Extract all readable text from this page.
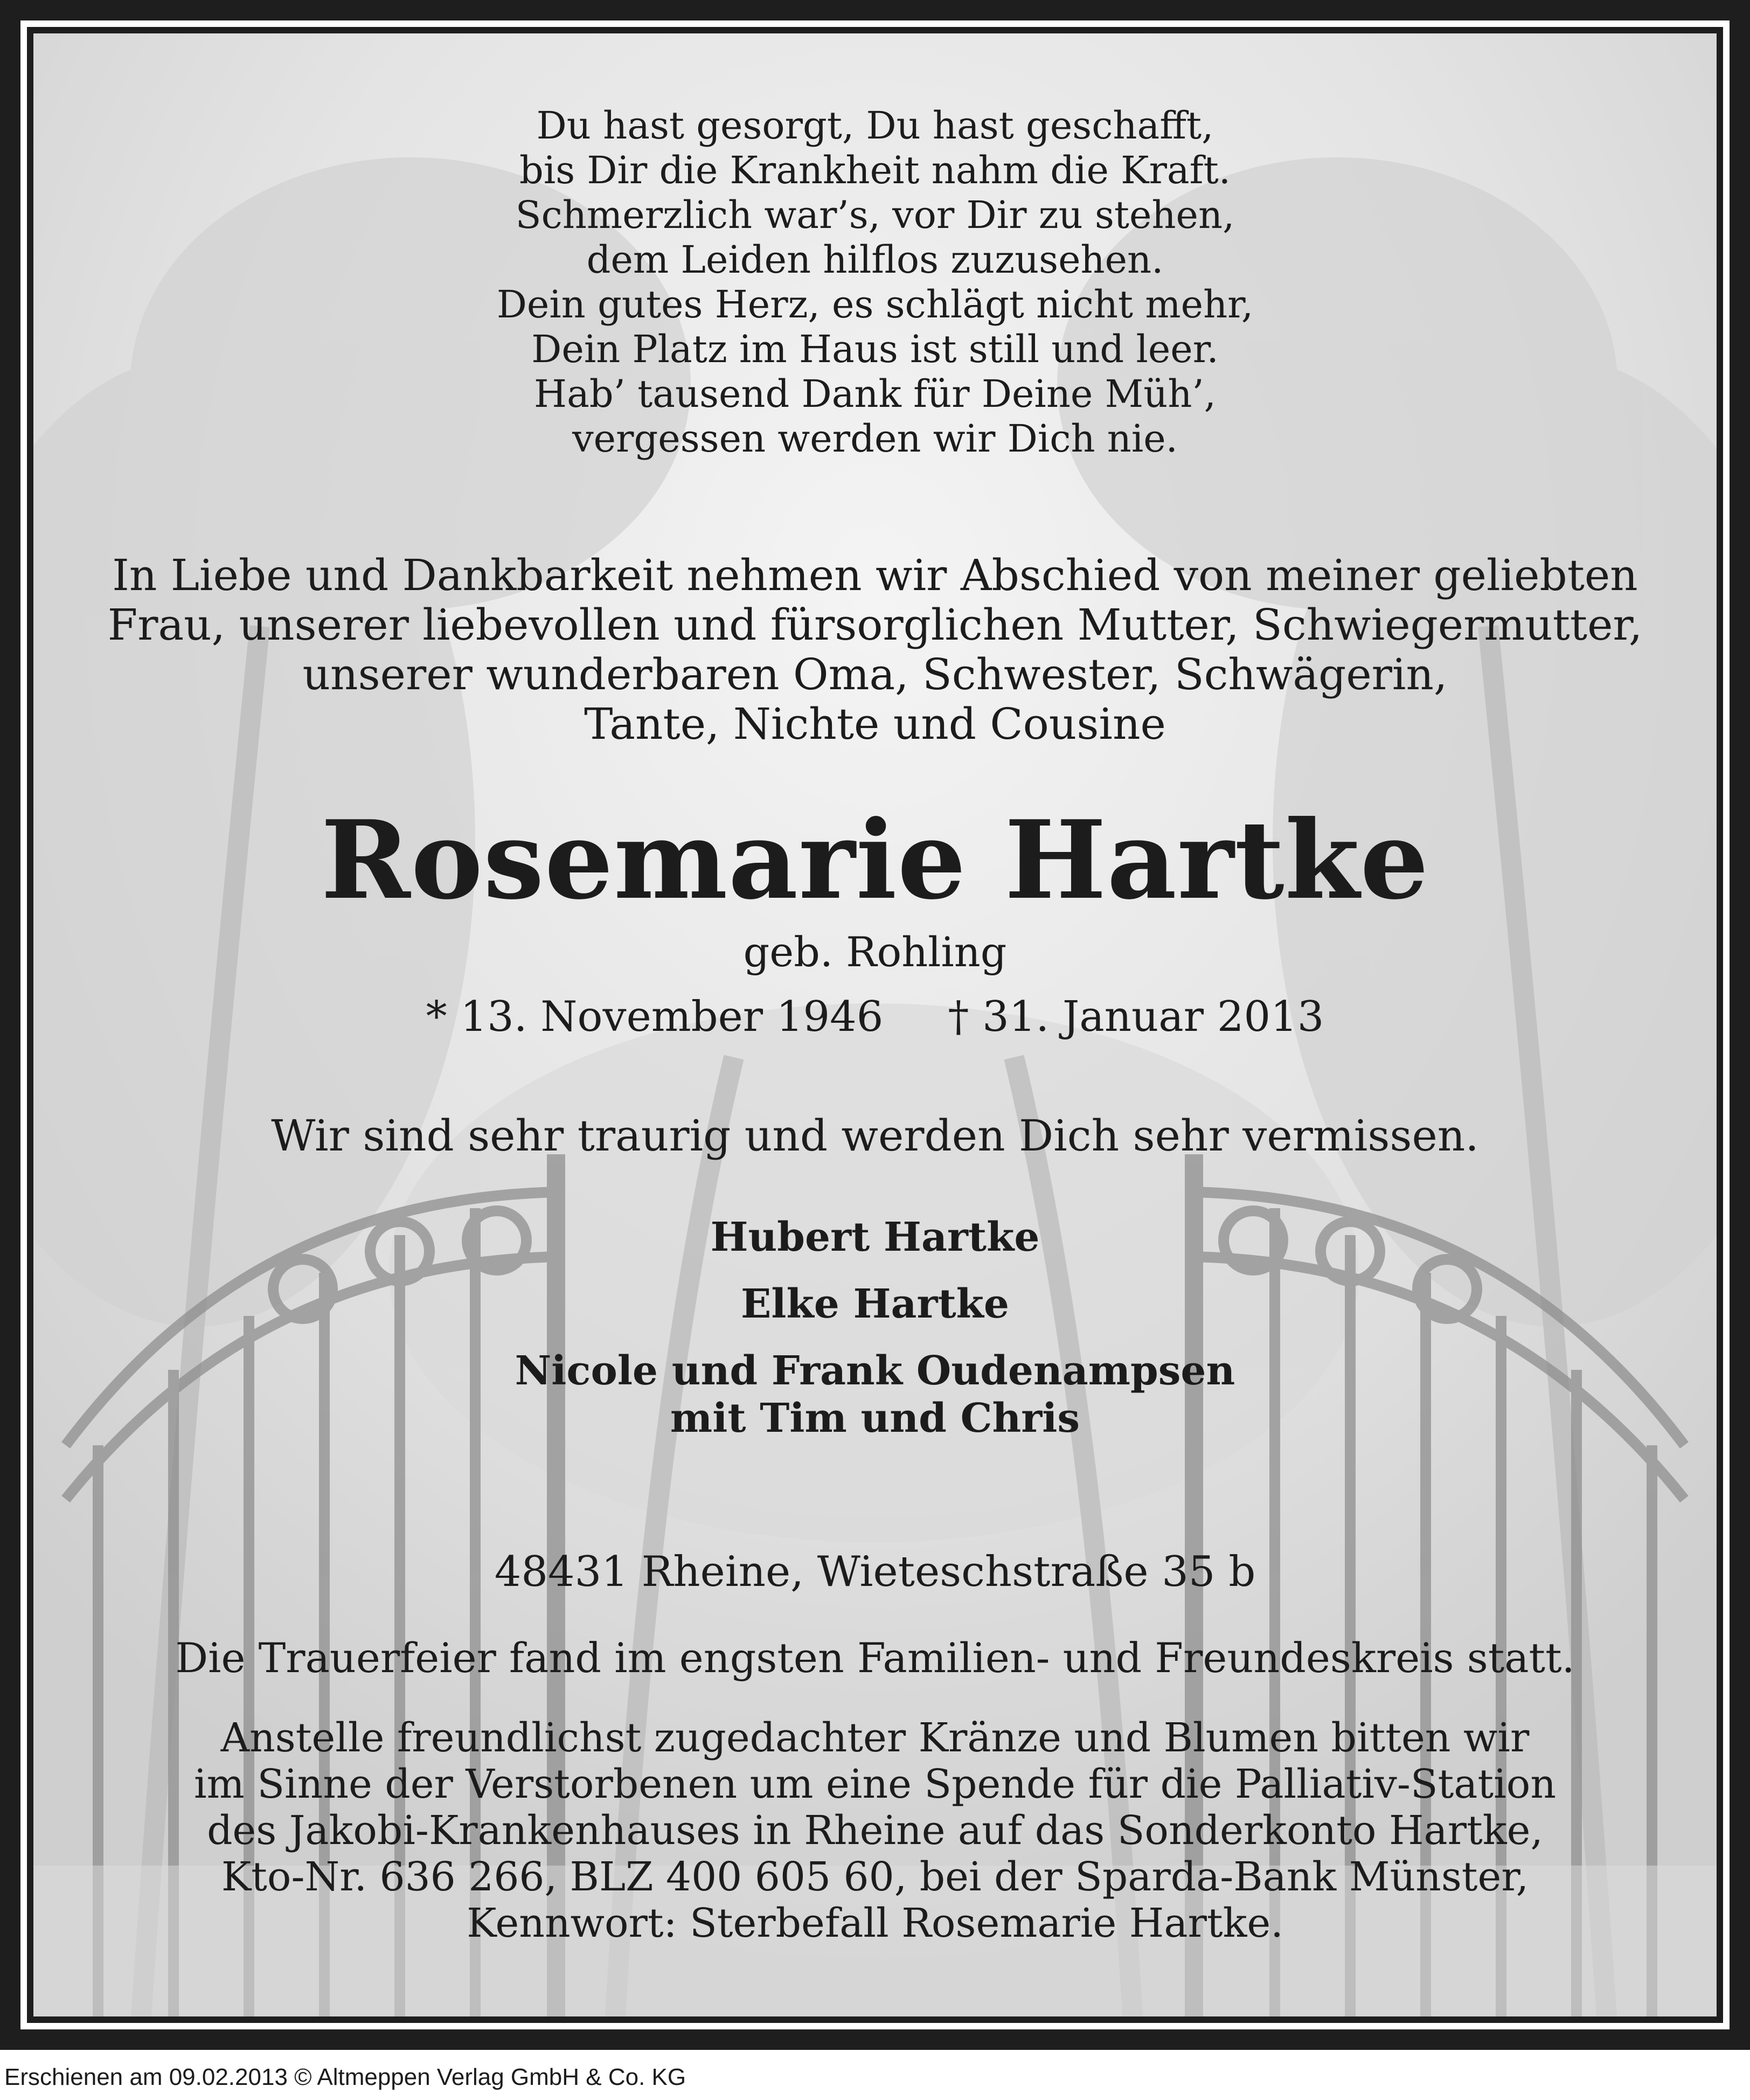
Du hast gesorgt, Du hast geschafft,
bis Dir die Krankheit nahm die Kraft.
Schmerzlich war’s, vor Dir zu stehen,
dem Leiden hilflos zuzusehen.
Dein gutes Herz, es schlägt nicht mehr,
Dein Platz im Haus ist still und leer.
Hab’ tausend Dank für Deine Müh’,
vergessen werden wir Dich nie.
In Liebe und Dankbarkeit nehmen wir Abschied von meiner geliebten
Frau, unserer liebevollen und fürsorglichen Mutter, Schwiegermutter,
unserer wunderbaren Oma, Schwester, Schwägerin,
Tante, Nichte und Cousine
Rosemarie Hartke
geb. Rohling
* 13. November 1946 † 31. Januar 2013
Wir sind sehr traurig und werden Dich sehr vermissen.
Hubert Hartke
Elke Hartke
Nicole und Frank Oudenampsen
mit Tim und Chris
48431 Rheine, Wieteschstraße 35 b
Die Trauerfeier fand im engsten Familien- und Freundeskreis statt.
Anstelle freundlichst zugedachter Kränze und Blumen bitten wir
im Sinne der Verstorbenen um eine Spende für die Palliativ-Station
des Jakobi-Krankenhauses in Rheine auf das Sonderkonto Hartke,
Kto-Nr. 636 266, BLZ 400 605 60, bei der Sparda-Bank Münster,
Kennwort: Sterbefall Rosemarie Hartke.
Erschienen am 09.02.2013 © Altmeppen Verlag GmbH & Co. KG
